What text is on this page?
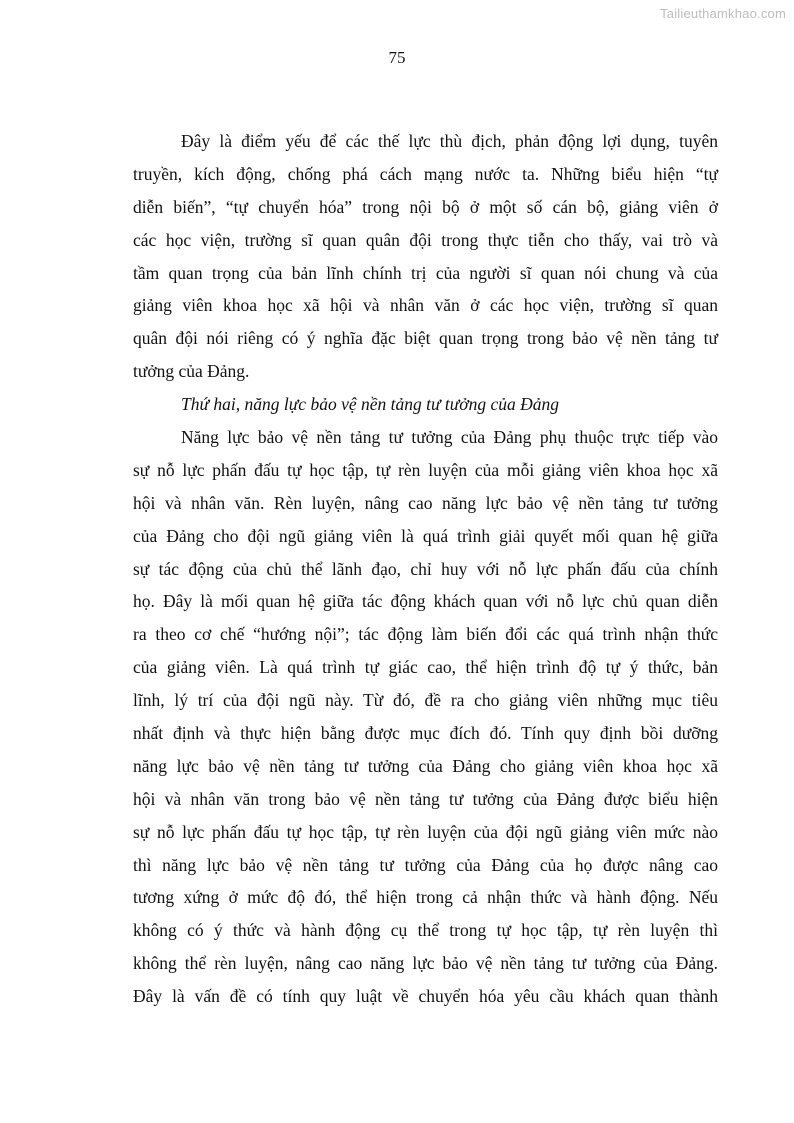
Tailieuthamkhao.com
75
Đây là điểm yếu để các thế lực thù địch, phản động lợi dụng, tuyên
truyền, kích động, chống phá cách mạng nước ta. Những biểu hiện “tự
diễn biến”, “tự chuyển hóa” trong nội bộ ở một số cán bộ, giảng viên ở
các học viện, trường sĩ quan quân đội trong thực tiễn cho thấy, vai trò và
tầm quan trọng của bản lĩnh chính trị của người sĩ quan nói chung và của
giảng viên khoa học xã hội và nhân văn ở các học viện, trường sĩ quan
quân đội nói riêng có ý nghĩa đặc biệt quan trọng trong bảo vệ nền tảng tư
tưởng của Đảng.
Thứ hai, năng lực bảo vệ nền tảng tư tưởng của Đảng
Năng lực bảo vệ nền tảng tư tưởng của Đảng phụ thuộc trực tiếp vào
sự nỗ lực phấn đấu tự học tập, tự rèn luyện của mỗi giảng viên khoa học xã
hội và nhân văn. Rèn luyện, nâng cao năng lực bảo vệ nền tảng tư tưởng
của Đảng cho đội ngũ giảng viên là quá trình giải quyết mối quan hệ giữa
sự tác động của chủ thể lãnh đạo, chỉ huy với nỗ lực phấn đấu của chính
họ. Đây là mối quan hệ giữa tác động khách quan với nỗ lực chủ quan diễn
ra theo cơ chế “hướng nội”; tác động làm biến đổi các quá trình nhận thức
của giảng viên. Là quá trình tự giác cao, thể hiện trình độ tự ý thức, bản
lĩnh, lý trí của đội ngũ này. Từ đó, đề ra cho giảng viên những mục tiêu
nhất định và thực hiện bằng được mục đích đó. Tính quy định bồi dưỡng
năng lực bảo vệ nền tảng tư tưởng của Đảng cho giảng viên khoa học xã
hội và nhân văn trong bảo vệ nền tảng tư tưởng của Đảng được biểu hiện
sự nỗ lực phấn đấu tự học tập, tự rèn luyện của đội ngũ giảng viên mức nào
thì năng lực bảo vệ nền tảng tư tưởng của Đảng của họ được nâng cao
tương xứng ở mức độ đó, thể hiện trong cả nhận thức và hành động. Nếu
không có ý thức và hành động cụ thể trong tự học tập, tự rèn luyện thì
không thể rèn luyện, nâng cao năng lực bảo vệ nền tảng tư tưởng của Đảng.
Đây là vấn đề có tính quy luật về chuyển hóa yêu cầu khách quan thành
